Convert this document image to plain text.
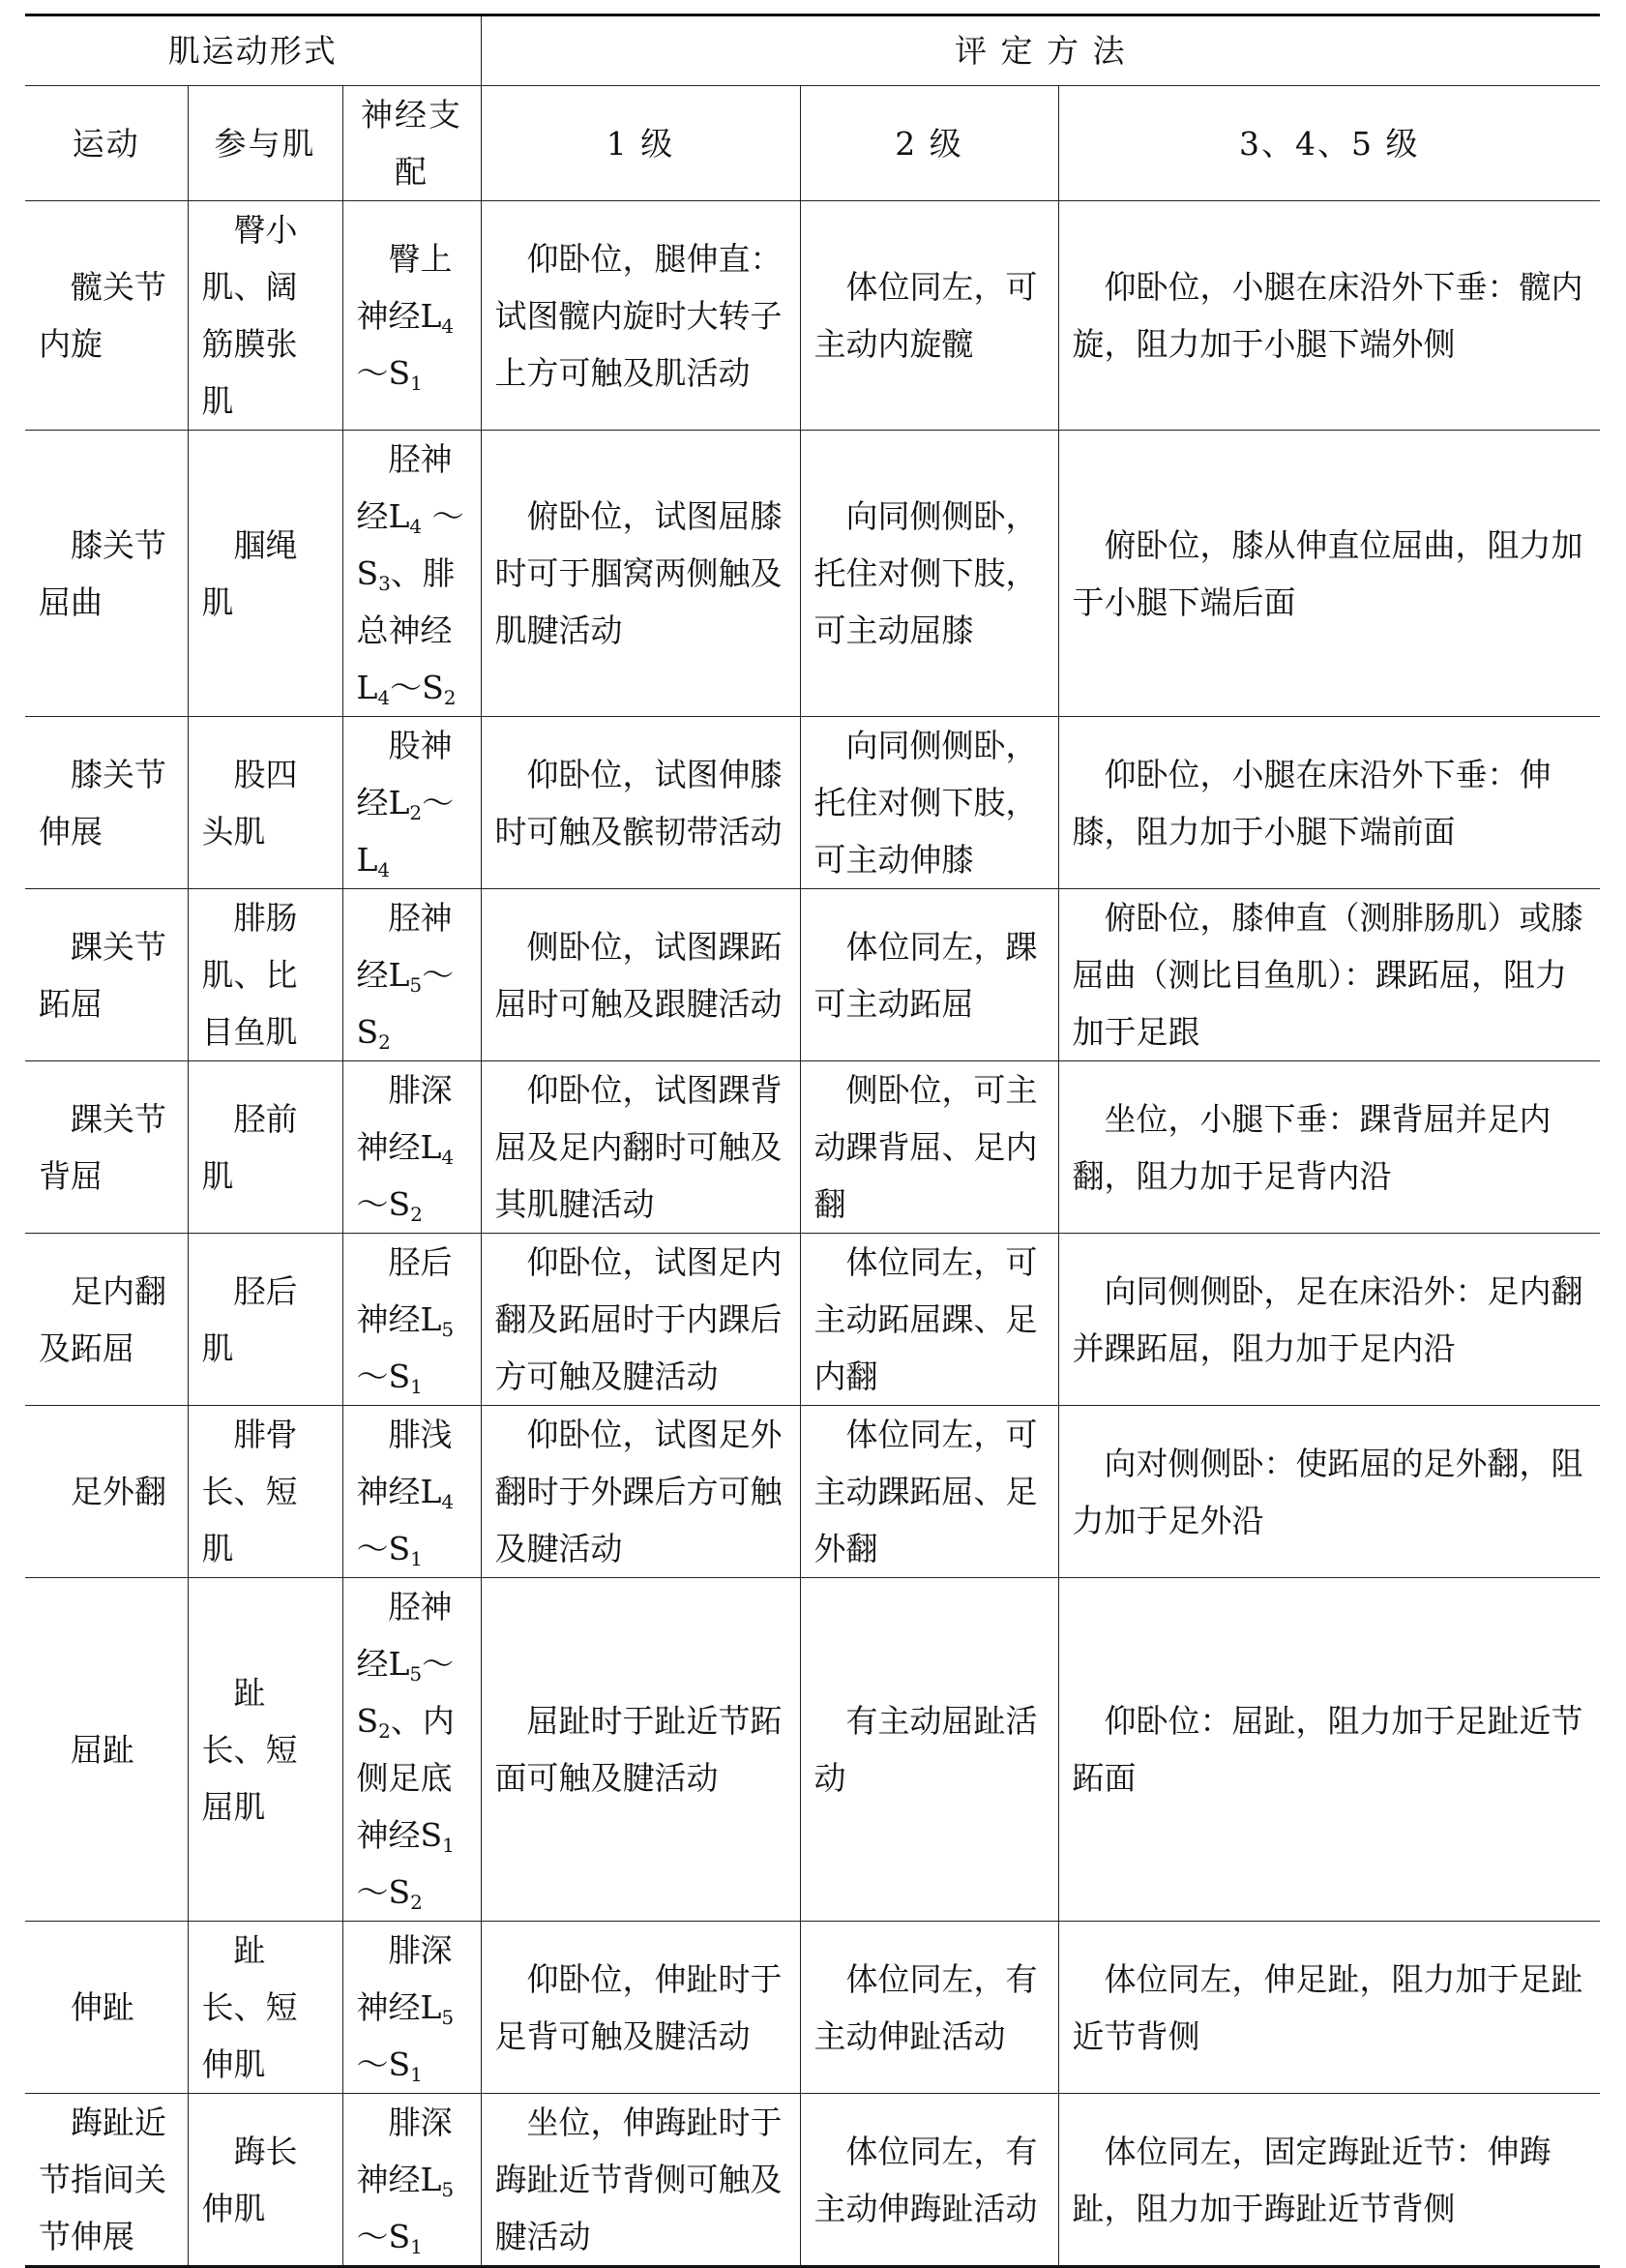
肌运动形式			评 定 方 法		
运动	参与肌	神经支配	1 级	2 级	3、4、5 级
髋关节内旋	臀小肌、阔筋膜张肌	臀上神经$L_4\sim S_1$	仰卧位，腿伸直：试图髋内旋时大转子上方可触及肌活动	体位同左，可主动内旋髋	仰卧位，小腿在床沿外下垂：髋内旋，阻力加于小腿下端外侧
膝关节屈曲	腘绳肌	胫神经$L_4$ ～ $S_3$、腓总神经$L_4\sim S_2$	俯卧位，试图屈膝时可于腘窝两侧触及肌腱活动	向同侧侧卧，托住对侧下肢，可主动屈膝	俯卧位，膝从伸直位屈曲，阻力加于小腿下端后面
膝关节伸展	股四头肌	股神经$L_2\sim L_4$	仰卧位，试图伸膝时可触及髌韧带活动	向同侧侧卧，托住对侧下肢，可主动伸膝	仰卧位，小腿在床沿外下垂：伸膝，阻力加于小腿下端前面
踝关节跖屈	腓肠肌、比目鱼肌	胫神经$L_5\sim S_2$	侧卧位，试图踝跖屈时可触及跟腱活动	体位同左，踝可主动跖屈	俯卧位，膝伸直（测腓肠肌）或膝屈曲（测比目鱼肌）：踝跖屈，阻力加于足跟
踝关节背屈	胫前肌	腓深神经$L_4\sim S_2$	仰卧位，试图踝背屈及足内翻时可触及其肌腱活动	侧卧位，可主动踝背屈、足内翻	坐位，小腿下垂：踝背屈并足内翻，阻力加于足背内沿
足内翻及跖屈	胫后肌	胫后神经$L_5\sim S_1$	仰卧位，试图足内翻及跖屈时于内踝后方可触及腱活动	体位同左，可主动跖屈踝、足内翻	向同侧侧卧，足在床沿外：足内翻并踝跖屈，阻力加于足内沿
足外翻	腓骨长、短肌	腓浅神经$L_4\sim S_1$	仰卧位，试图足外翻时于外踝后方可触及腱活动	体位同左，可主动踝跖屈、足外翻	向对侧侧卧：使跖屈的足外翻，阻力加于足外沿
屈趾	趾长、短屈肌	胫神经$L_5\sim S_2$、内侧足底神经$S_1\sim S_2$	屈趾时于趾近节跖面可触及腱活动	有主动屈趾活动	仰卧位：屈趾，阻力加于足趾近节跖面
伸趾	趾长、短伸肌	腓深神经$L_5\sim S_1$	仰卧位，伸趾时于足背可触及腱活动	体位同左，有主动伸趾活动	体位同左，伸足趾，阻力加于足趾近节背侧
踇趾近节指间关节伸展	踇长伸肌	腓深神经$L_5\sim S_1$	坐位，伸踇趾时于踇趾近节背侧可触及腱活动	体位同左，有主动伸踇趾活动	体位同左，固定踇趾近节：伸踇趾，阻力加于踇趾近节背侧
